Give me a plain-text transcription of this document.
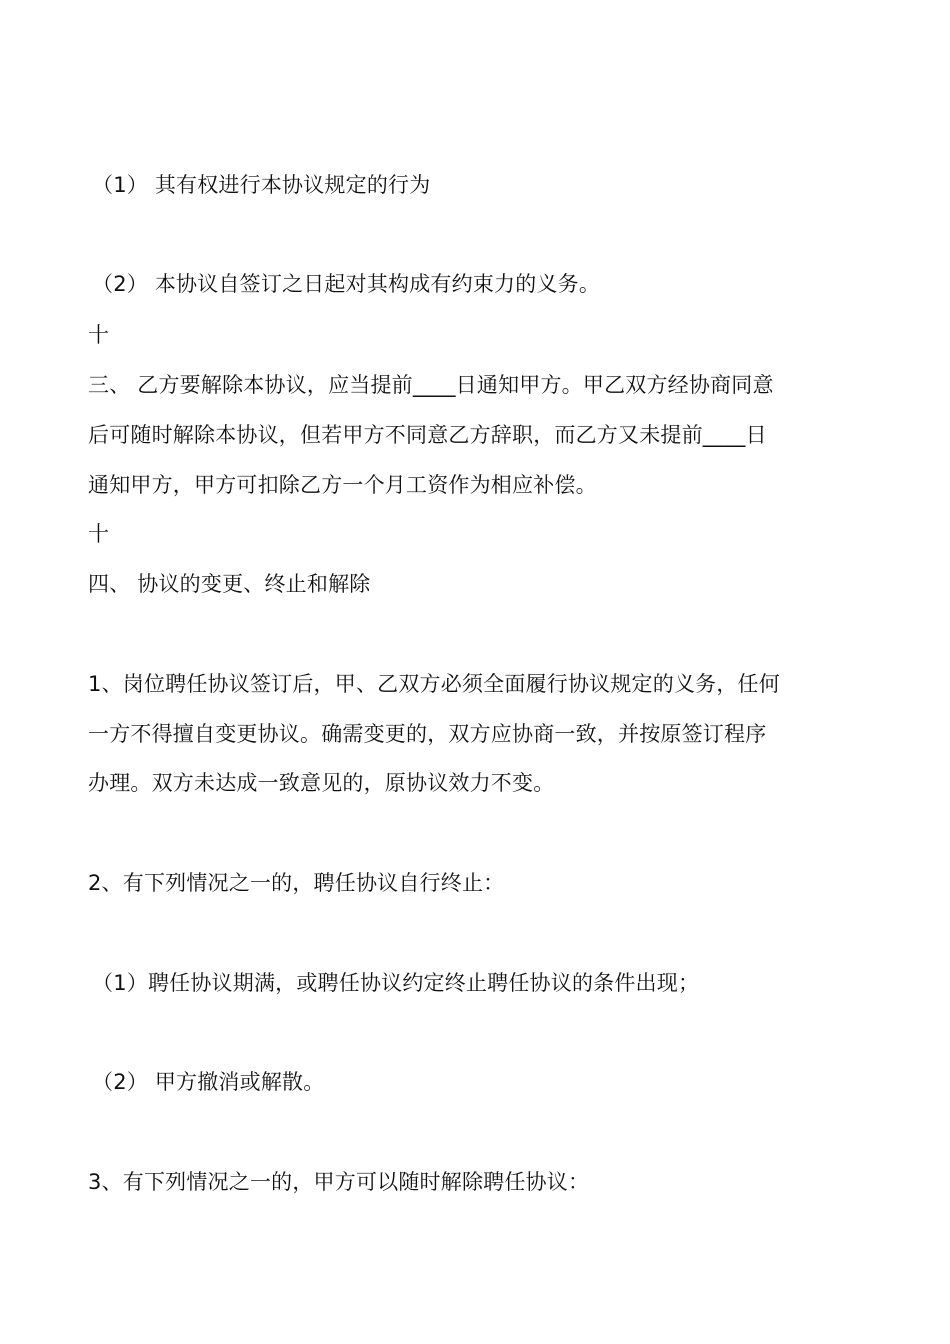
（1） 其有权进行本协议规定的行为
（2） 本协议自签订之日起对其构成有约束力的义务。
十
三、 乙方要解除本协议，应当提前____日通知甲方。甲乙双方经协商同意
后可随时解除本协议，但若甲方不同意乙方辞职，而乙方又未提前____日
通知甲方，甲方可扣除乙方一个月工资作为相应补偿。
十
四、 协议的变更、终止和解除
1、岗位聘任协议签订后，甲、乙双方必须全面履行协议规定的义务，任何
一方不得擅自变更协议。确需变更的，双方应协商一致，并按原签订程序
办理。双方未达成一致意见的，原协议效力不变。
2、有下列情况之一的，聘任协议自行终止：
（1）聘任协议期满，或聘任协议约定终止聘任协议的条件出现；
（2） 甲方撤消或解散。
3、有下列情况之一的，甲方可以随时解除聘任协议：
